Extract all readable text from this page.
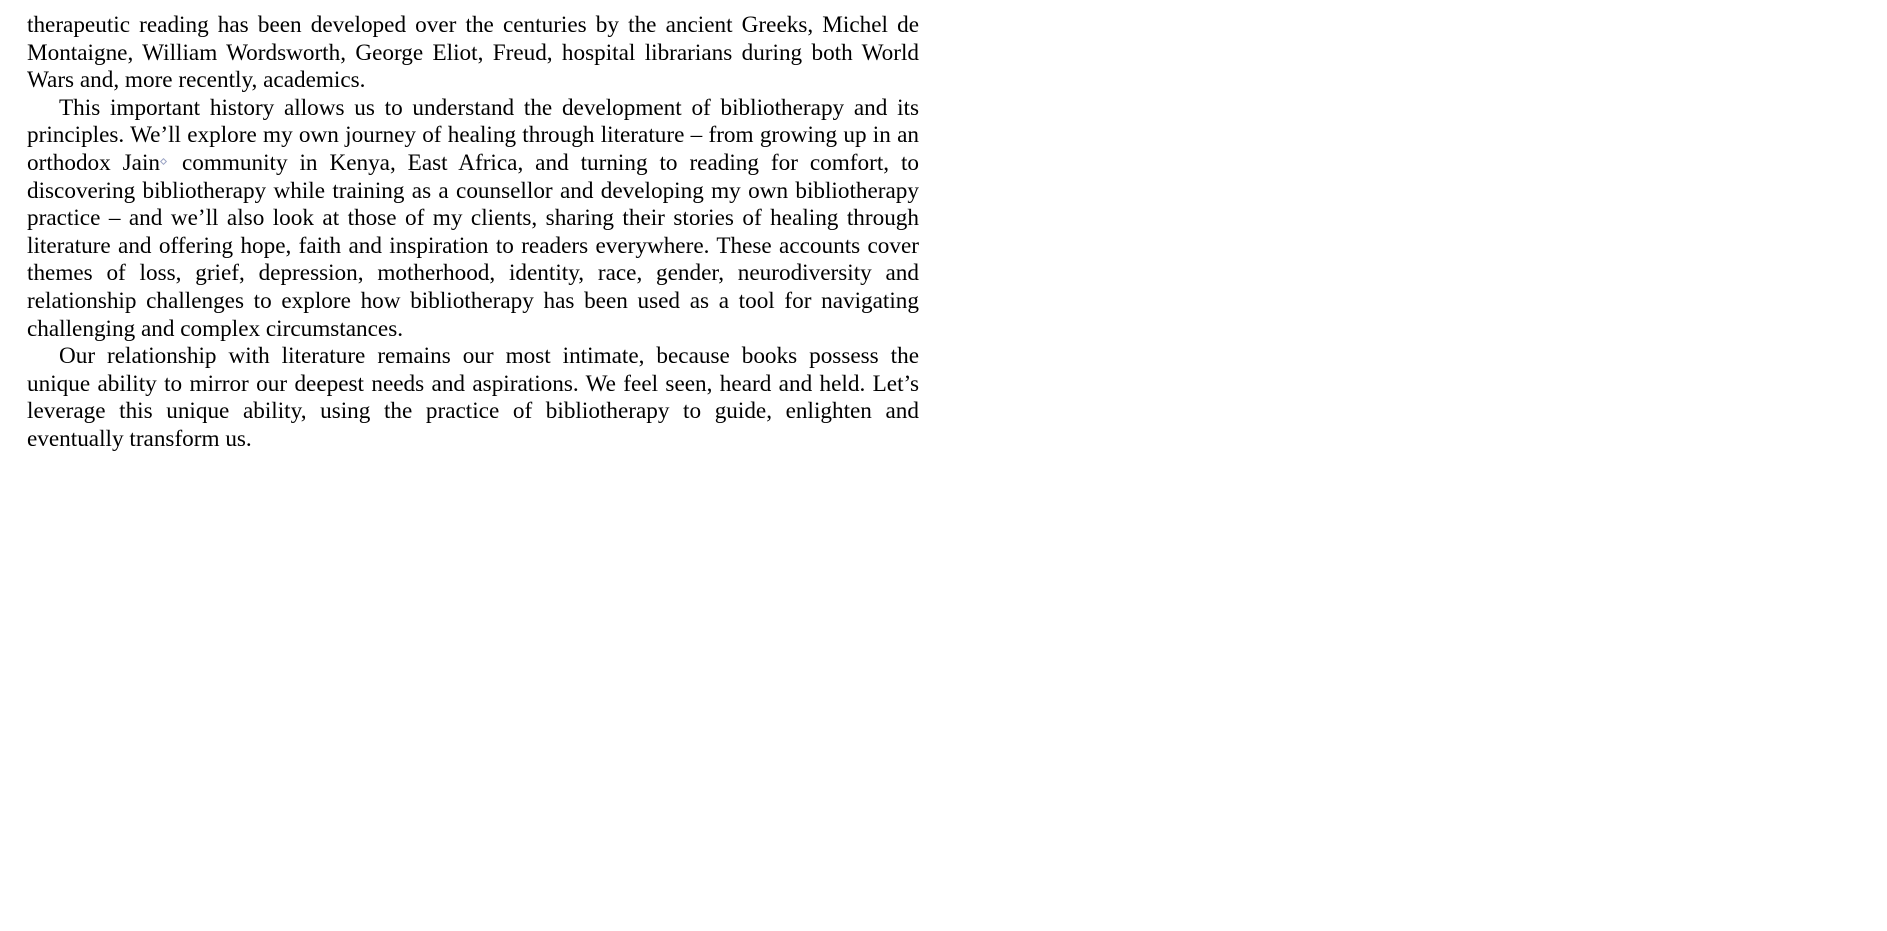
therapeutic reading has been developed over the centuries by the ancient Greeks, Michel de Montaigne, William Wordsworth, George Eliot, Freud, hospital librarians during both World Wars and, more recently, academics.

This important history allows us to understand the development of bibliotherapy and its principles. We’ll explore my own journey of healing through literature – from growing up in an orthodox Jain community in Kenya, East Africa, and turning to reading for comfort, to discovering bibliotherapy while training as a counsellor and developing my own bibliotherapy practice – and we’ll also look at those of my clients, sharing their stories of healing through literature and offering hope, faith and inspiration to readers everywhere. These accounts cover themes of loss, grief, depression, motherhood, identity, race, gender, neurodiversity and relationship challenges to explore how bibliotherapy has been used as a tool for navigating challenging and complex circumstances.

Our relationship with literature remains our most intimate, because books possess the unique ability to mirror our deepest needs and aspirations. We feel seen, heard and held. Let’s leverage this unique ability, using the practice of bibliotherapy to guide, enlighten and eventually transform us.
